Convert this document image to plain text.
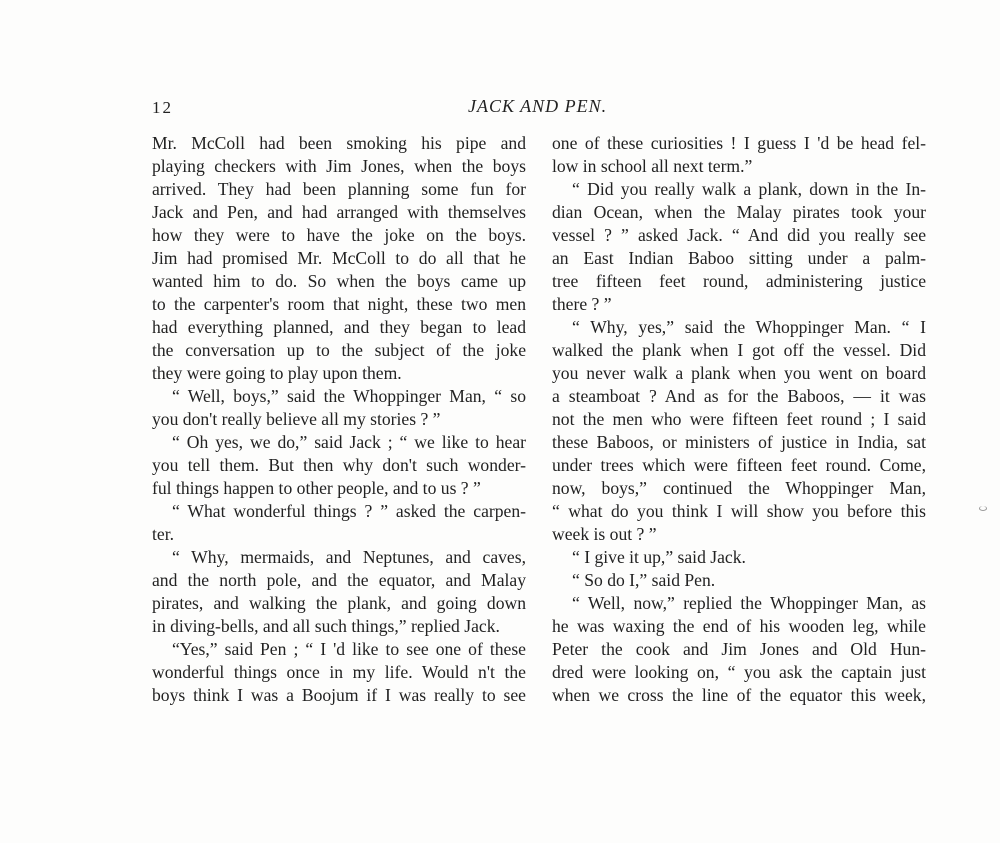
12	JACK AND PEN.
Mr. McColl had been smoking his pipe and
playing checkers with Jim Jones, when the boys
arrived. They had been planning some fun for
Jack and Pen, and had arranged with themselves
how they were to have the joke on the boys.
Jim had promised Mr. McColl to do all that he
wanted him to do. So when the boys came up
to the carpenter's room that night, these two men
had everything planned, and they began to lead
the conversation up to the subject of the joke
they were going to play upon them.
“ Well, boys,” said the Whoppinger Man, “ so
you don't really believe all my stories ? ”
“ Oh yes, we do,” said Jack ; “ we like to hear
you tell them. But then why don't such wonder-
ful things happen to other people, and to us ? ”
“ What wonderful things ? ” asked the carpen-
ter.
“ Why, mermaids, and Neptunes, and caves,
and the north pole, and the equator, and Malay
pirates, and walking the plank, and going down
in diving-bells, and all such things,” replied Jack.
“Yes,” said Pen ; “ I 'd like to see one of these
wonderful things once in my life. Would n't the
boys think I was a Boojum if I was really to see
one of these curiosities ! I guess I 'd be head fel-
low in school all next term.”
“ Did you really walk a plank, down in the In-
dian Ocean, when the Malay pirates took your
vessel ? ” asked Jack. “ And did you really see
an East Indian Baboo sitting under a palm-
tree fifteen feet round, administering justice
there ? ”
“ Why, yes,” said the Whoppinger Man. “ I
walked the plank when I got off the vessel. Did
you never walk a plank when you went on board
a steamboat ? And as for the Baboos, — it was
not the men who were fifteen feet round ; I said
these Baboos, or ministers of justice in India, sat
under trees which were fifteen feet round. Come,
now, boys,” continued the Whoppinger Man,
“ what do you think I will show you before this
week is out ? ”
“ I give it up,” said Jack.
“ So do I,” said Pen.
“ Well, now,” replied the Whoppinger Man, as
he was waxing the end of his wooden leg, while
Peter the cook and Jim Jones and Old Hun-
dred were looking on, “ you ask the captain just
when we cross the line of the equator this week,
